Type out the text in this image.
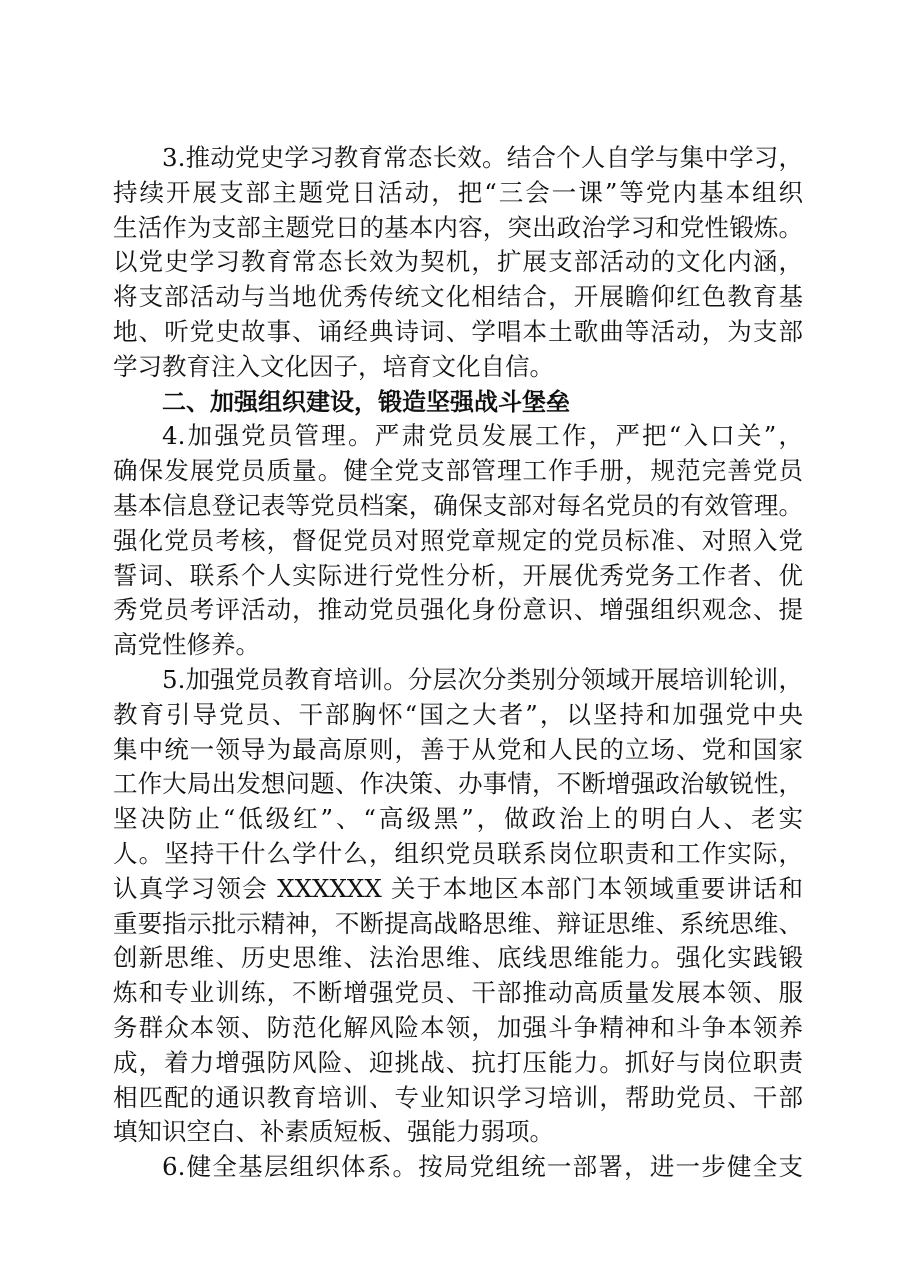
3.推动党史学习教育常态长效。结合个人自学与集中学习，
持续开展支部主题党日活动，把“三会一课”等党内基本组织
生活作为支部主题党日的基本内容，突出政治学习和党性锻炼。
以党史学习教育常态长效为契机，扩展支部活动的文化内涵，
将支部活动与当地优秀传统文化相结合，开展瞻仰红色教育基
地、听党史故事、诵经典诗词、学唱本土歌曲等活动，为支部
学习教育注入文化因子，培育文化自信。
二、加强组织建设，锻造坚强战斗堡垒
4.加强党员管理。严肃党员发展工作，严把“入口关”，
确保发展党员质量。健全党支部管理工作手册，规范完善党员
基本信息登记表等党员档案，确保支部对每名党员的有效管理。
强化党员考核，督促党员对照党章规定的党员标准、对照入党
誓词、联系个人实际进行党性分析，开展优秀党务工作者、优
秀党员考评活动，推动党员强化身份意识、增强组织观念、提
高党性修养。
5.加强党员教育培训。分层次分类别分领域开展培训轮训，
教育引导党员、干部胸怀“国之大者”，以坚持和加强党中央
集中统一领导为最高原则，善于从党和人民的立场、党和国家
工作大局出发想问题、作决策、办事情，不断增强政治敏锐性，
坚决防止“低级红”、“高级黑”，做政治上的明白人、老实
人。坚持干什么学什么，组织党员联系岗位职责和工作实际，
认真学习领会 XXXXXX 关于本地区本部门本领域重要讲话和
重要指示批示精神，不断提高战略思维、辩证思维、系统思维、
创新思维、历史思维、法治思维、底线思维能力。强化实践锻
炼和专业训练，不断增强党员、干部推动高质量发展本领、服
务群众本领、防范化解风险本领，加强斗争精神和斗争本领养
成，着力增强防风险、迎挑战、抗打压能力。抓好与岗位职责
相匹配的通识教育培训、专业知识学习培训，帮助党员、干部
填知识空白、补素质短板、强能力弱项。
6.健全基层组织体系。按局党组统一部署，进一步健全支
